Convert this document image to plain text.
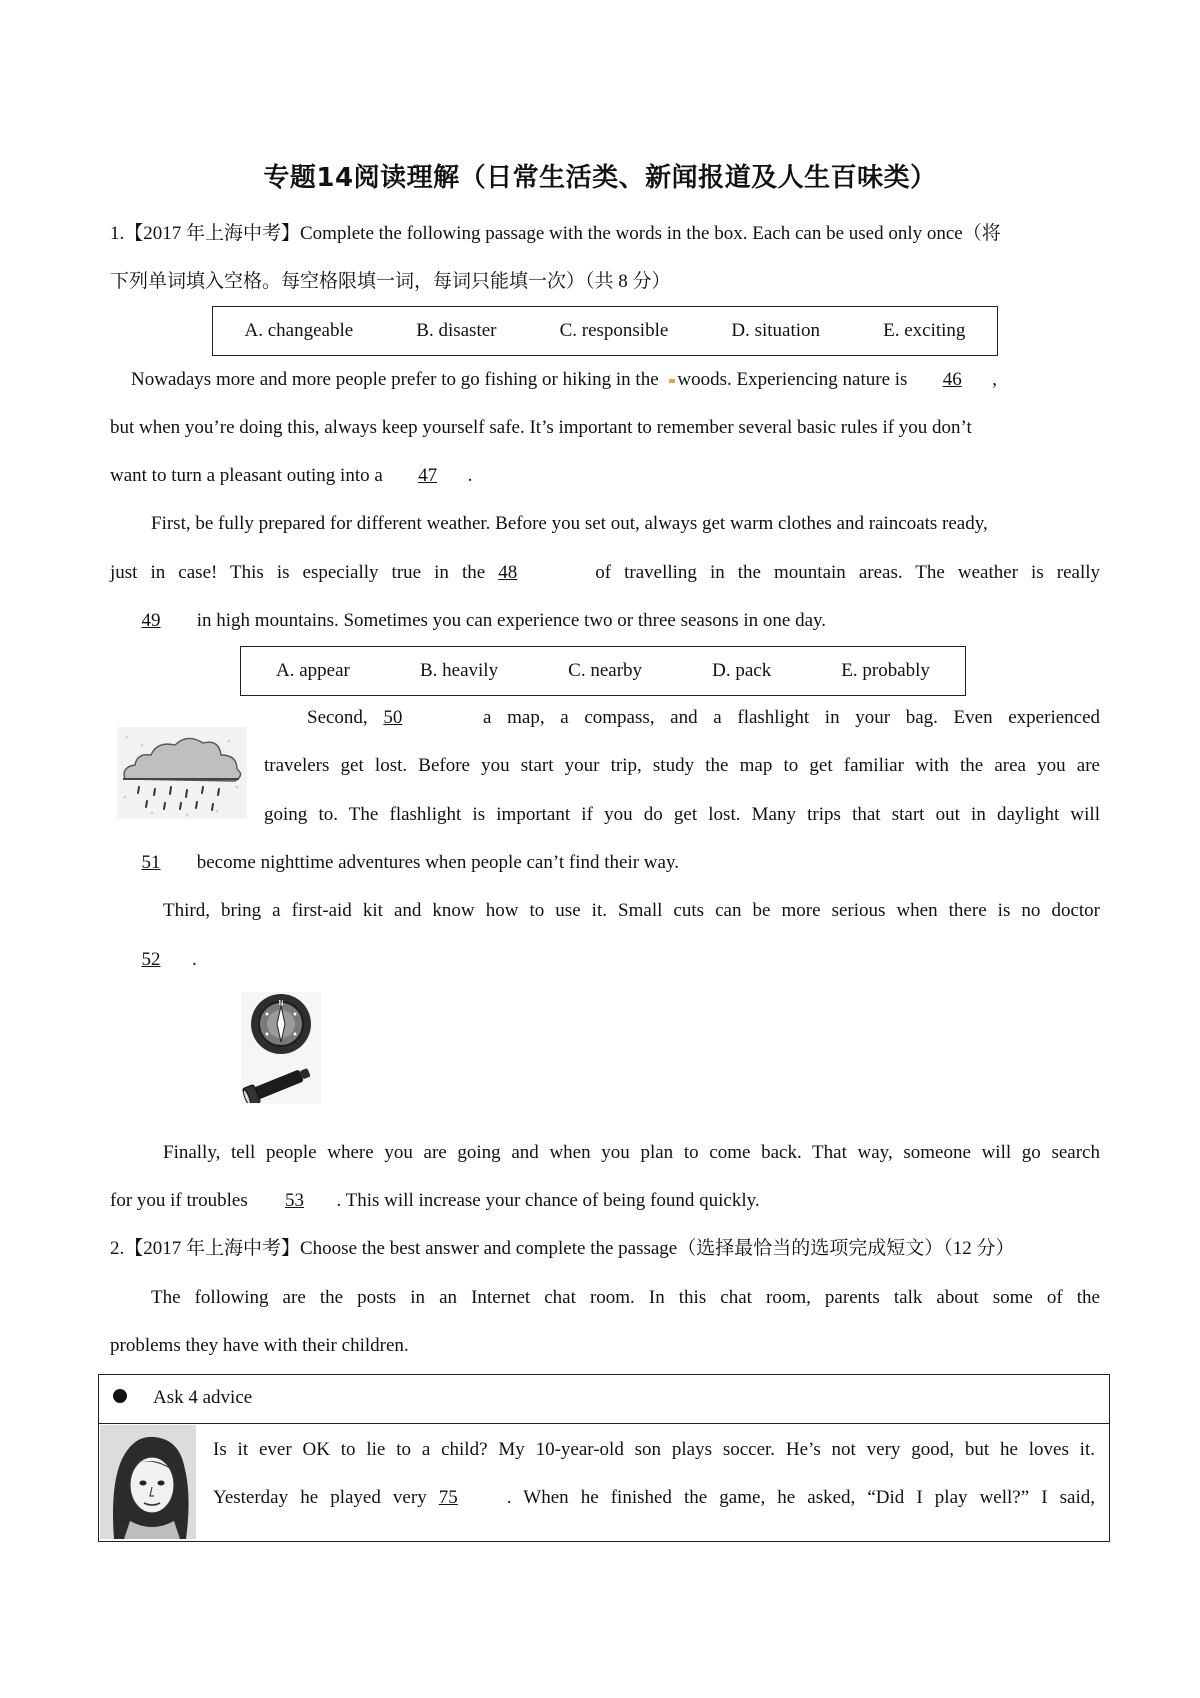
专题14阅读理解（日常生活类、新闻报道及人生百味类）
1.【2017 年上海中考】Complete the following passage with the words in the box. Each can be used only once（将
下列单词填入空格。每空格限填一词，每词只能填一次）（共 8 分）
A. changeable	B. disaster	C. responsible	D. situation	E. exciting
Nowadays more and more people prefer to go fishing or hiking in the woods. Experiencing nature is 46 ,
but when you’re doing this, always keep yourself safe. It’s important to remember several basic rules if you don’t
want to turn a pleasant outing into a 47 .
First, be fully prepared for different weather. Before you set out, always get warm clothes and raincoats ready,
just in case! This is especially true in the 48	of travelling in the mountain areas. The weather is really
49 in high mountains. Sometimes you can experience two or three seasons in one day.
A. appear	B. heavily	C. nearby	D. pack	E. probably
Second, 50	a map, a compass, and a flashlight in your bag. Even experienced
travelers get lost. Before you start your trip, study the map to get familiar with the area you are
going to. The flashlight is important if you do get lost. Many trips that start out in daylight will
51 become nighttime adventures when people can’t find their way.
Third, bring a first-aid kit and know how to use it. Small cuts can be more serious when there is no doctor
52 .
N
Finally, tell people where you are going and when you plan to come back. That way, someone will go search
for you if troubles 53 . This will increase your chance of being found quickly.
2.【2017 年上海中考】Choose the best answer and complete the passage（选择最恰当的选项完成短文）（12 分）
The following are the posts in an Internet chat room. In this chat room, parents talk about some of the
problems they have with their children.
Ask 4 advice
Is it ever OK to lie to a child? My 10-year-old son plays soccer. He’s not very good, but he loves it.
Yesterday he played very 75	. When he finished the game, he asked, “Did I play well?” I said,
